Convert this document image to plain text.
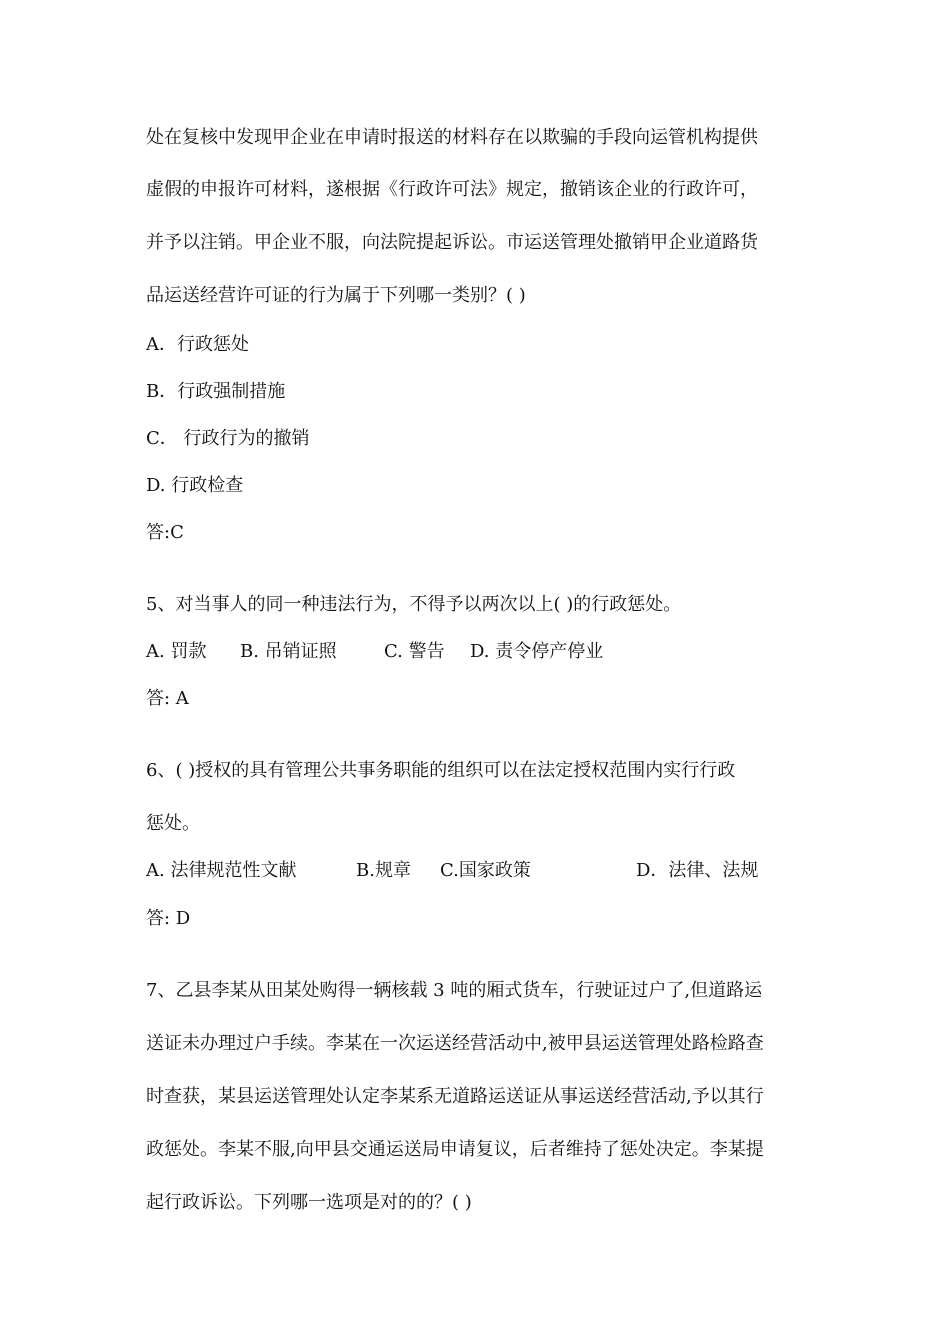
处在复核中发现甲企业在申请时报送的材料存在以欺骗的手段向运管机构提供
虚假的申报许可材料，遂根据《行政许可法》规定，撤销该企业的行政许可，
并予以注销。甲企业不服，向法院提起诉讼。市运送管理处撤销甲企业道路货
品运送经营许可证的行为属于下列哪一类别？( )
A．行政惩处
B．行政强制措施
C． 行政行为的撤销
D. 行政检查
答:C
5、对当事人的同一种违法行为，不得予以两次以上( )的行政惩处。
A. 罚款 B. 吊销证照	C. 警告 D. 责令停产停业
答: A
6、( )授权的具有管理公共事务职能的组织可以在法定授权范围内实行行政
惩处。
A. 法律规范性文献	B.规章 C.国家政策	D．法律、法规
答: D
7、乙县李某从田某处购得一辆核载 3 吨的厢式货车，行驶证过户了,但道路运
送证未办理过户手续。李某在一次运送经营活动中,被甲县运送管理处路检路查
时查获，某县运送管理处认定李某系无道路运送证从事运送经营活动,予以其行
政惩处。李某不服,向甲县交通运送局申请复议，后者维持了惩处决定。李某提
起行政诉讼。下列哪一选项是对的的？( )
